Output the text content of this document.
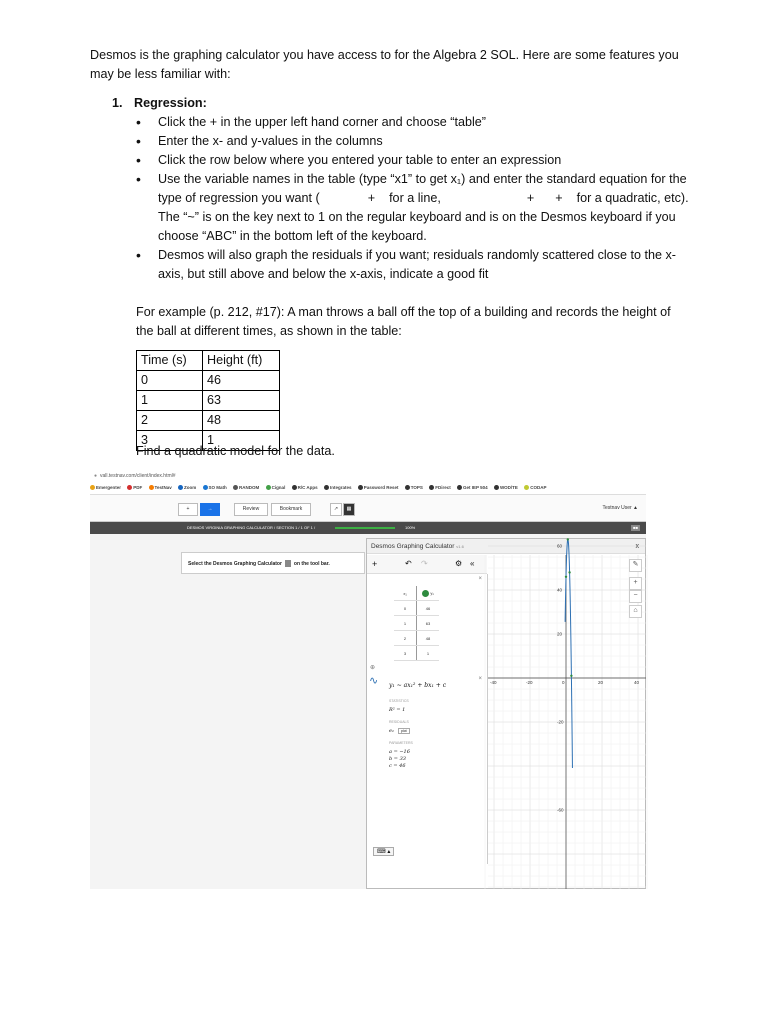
Desmos is the graphing calculator you have access to for the Algebra 2 SOL. Here are some features you may be less familiar with:

1. Regression:
• Click the + in the upper left hand corner and choose “table”
• Enter the x- and y-values in the columns
• Click the row below where you entered your table to enter an expression
• Use the variable names in the table (type “x1” to get x₁) and enter the standard equation for the type of regression you want (	+ for a line,	+ + for a quadratic, etc). The “~” is on the key next to 1 on the regular keyboard and is on the Desmos keyboard if you choose “ABC” in the bottom left of the keyboard.
• Desmos will also graph the residuals if you want; residuals randomly scattered close to the x-axis, but still above and below the x-axis, indicate a good fit

For example (p. 212, #17): A man throws a ball off the top of a building and records the height of the ball at different times, as shown in the table:

Time (s)	Height (ft)
0	46
1	63
2	48
3	1

Find a quadratic model for the data.

● vall.testnav.com/client/index.html#
Emergenter	PDF	TestNav	Zoom	SO Math	RANDOM	Cignal	R/C Apps	Integrates	Password Reset	TOPS	FDirect	Get IEP 504	WOD/TE	CODAP
+	→	Review	Bookmark	↗	▦	Testnav User ▲
DESMOS VIRGINIA GRAPHING CALCULATOR / SECTION 1 / 1 OF 1 /	100%	■■
Select the Desmos Graphing Calculator on the tool bar.
Desmos Graphing Calculator v1.6	x
+	↶ ↷	⚙ «
×
x₁	y₁
0	46
1	63
2	48
3	1
⊕
∿	×
y₁ ~ ax₁² + bx₁ + c
STATISTICS
R² = 1
RESIDUALS
e₁ plot
PARAMETERS
a = −16
b = 33
c = 46
⌨ ▴
-40	-20	0	20	40
60
40
20
-20
-60
✎
+
−
⌂
